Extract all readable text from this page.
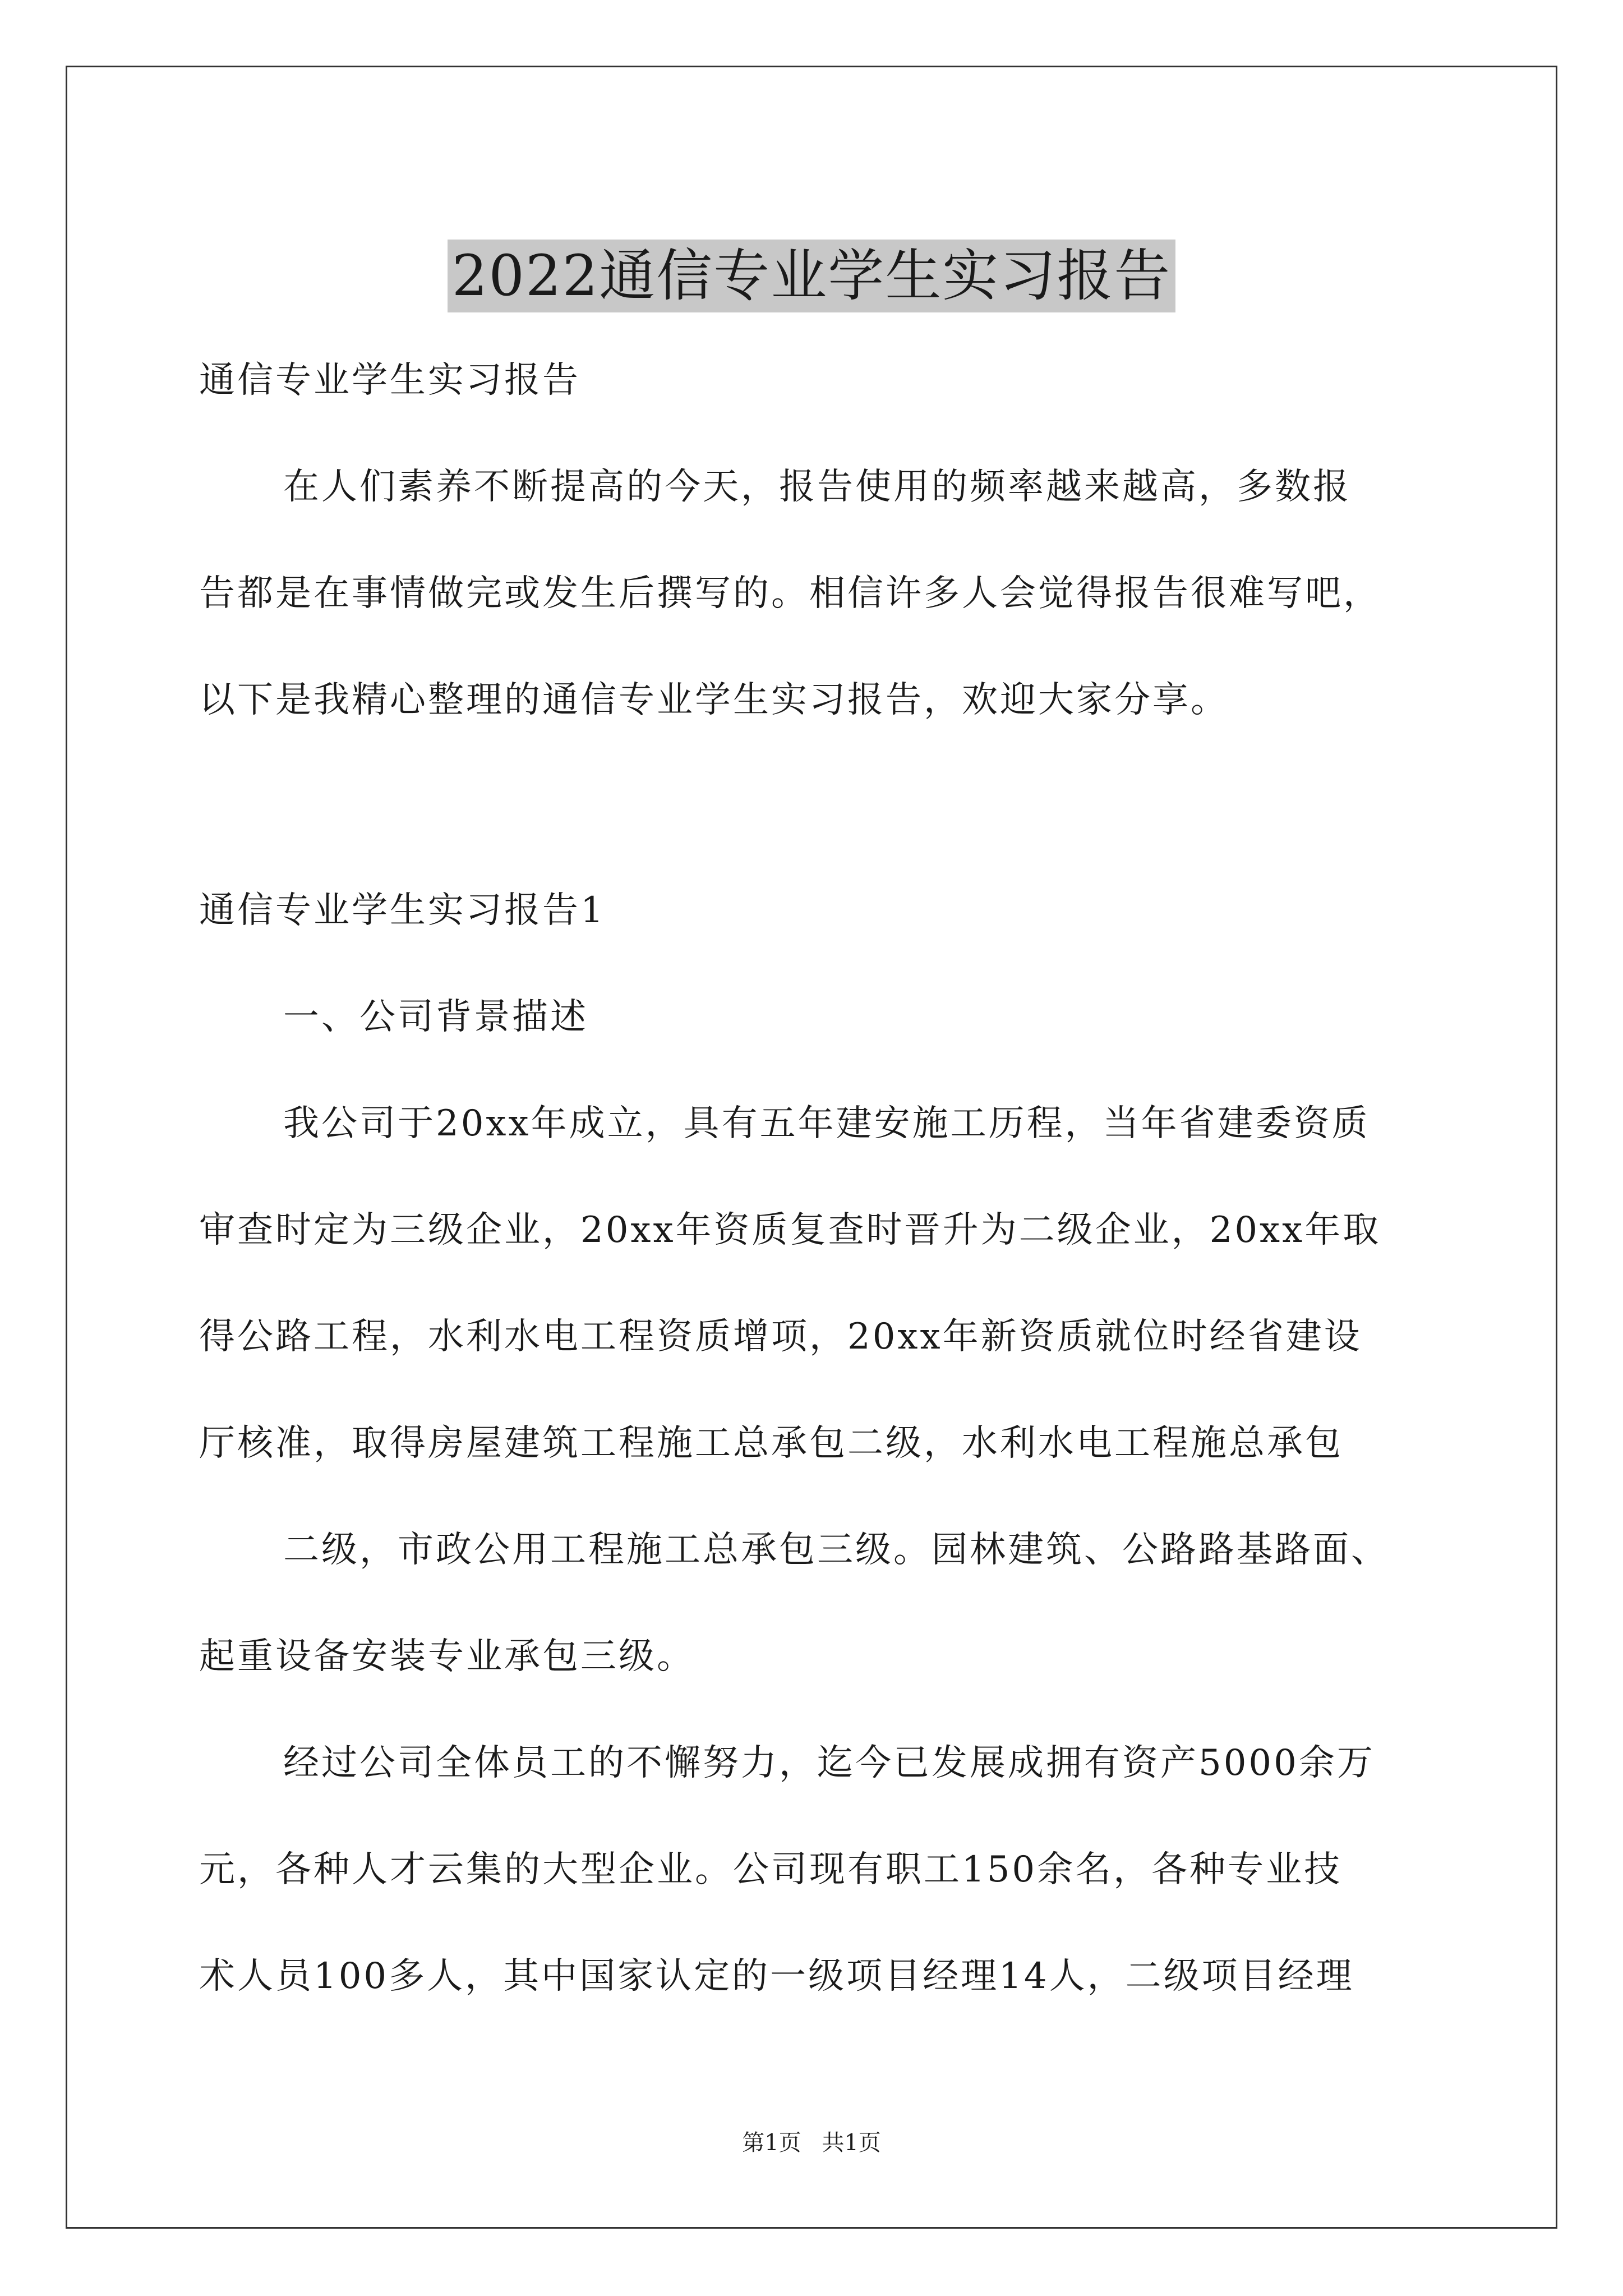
2022通信专业学生实习报告
通信专业学生实习报告
在人们素养不断提高的今天，报告使用的频率越来越高，多数报
告都是在事情做完或发生后撰写的。相信许多人会觉得报告很难写吧，
以下是我精心整理的通信专业学生实习报告，欢迎大家分享。
通信专业学生实习报告1
一、公司背景描述
我公司于20xx年成立，具有五年建安施工历程，当年省建委资质
审查时定为三级企业，20xx年资质复查时晋升为二级企业，20xx年取
得公路工程，水利水电工程资质增项，20xx年新资质就位时经省建设
厅核准，取得房屋建筑工程施工总承包二级，水利水电工程施总承包
二级，市政公用工程施工总承包三级。园林建筑、公路路基路面、
起重设备安装专业承包三级。
经过公司全体员工的不懈努力，迄今已发展成拥有资产5000余万
元，各种人才云集的大型企业。公司现有职工150余名，各种专业技
术人员100多人，其中国家认定的一级项目经理14人，二级项目经理
第1页 共1页
